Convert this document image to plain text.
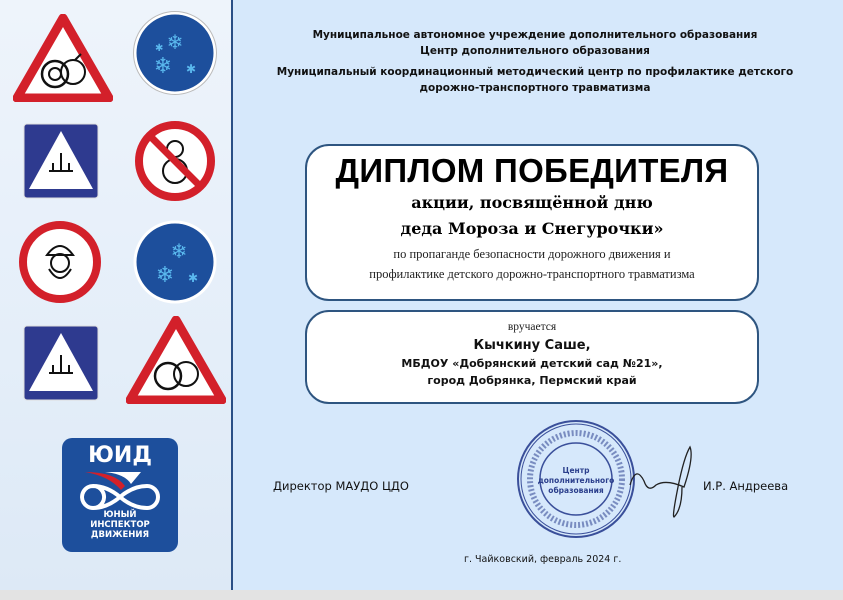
❄
❄ ✱
✱
❄
❄ ✱
ЮИД
ЮНЫЙ
ИНСПЕКТОР
ДВИЖЕНИЯ
Муниципальное автономное учреждение дополнительного образования
Центр дополнительного образования
Муниципальный координационный методический центр по профилактике детского
дорожно-транспортного травматизма
ДИПЛОМ ПОБЕДИТЕЛЯ
акции, посвящённой дню
деда Мороза и Снегурочки»
по пропаганде безопасности дорожного движения и
профилактике детского дорожно-транспортного травматизма
вручается
Кычкину Саше,
МБДОУ «Добрянский детский сад №21»,
город Добрянка, Пермский край
Директор МАУДО ЦДО
Центр
дополнительного
образования	И.Р. Андреева
г. Чайковский, февраль 2024 г.
